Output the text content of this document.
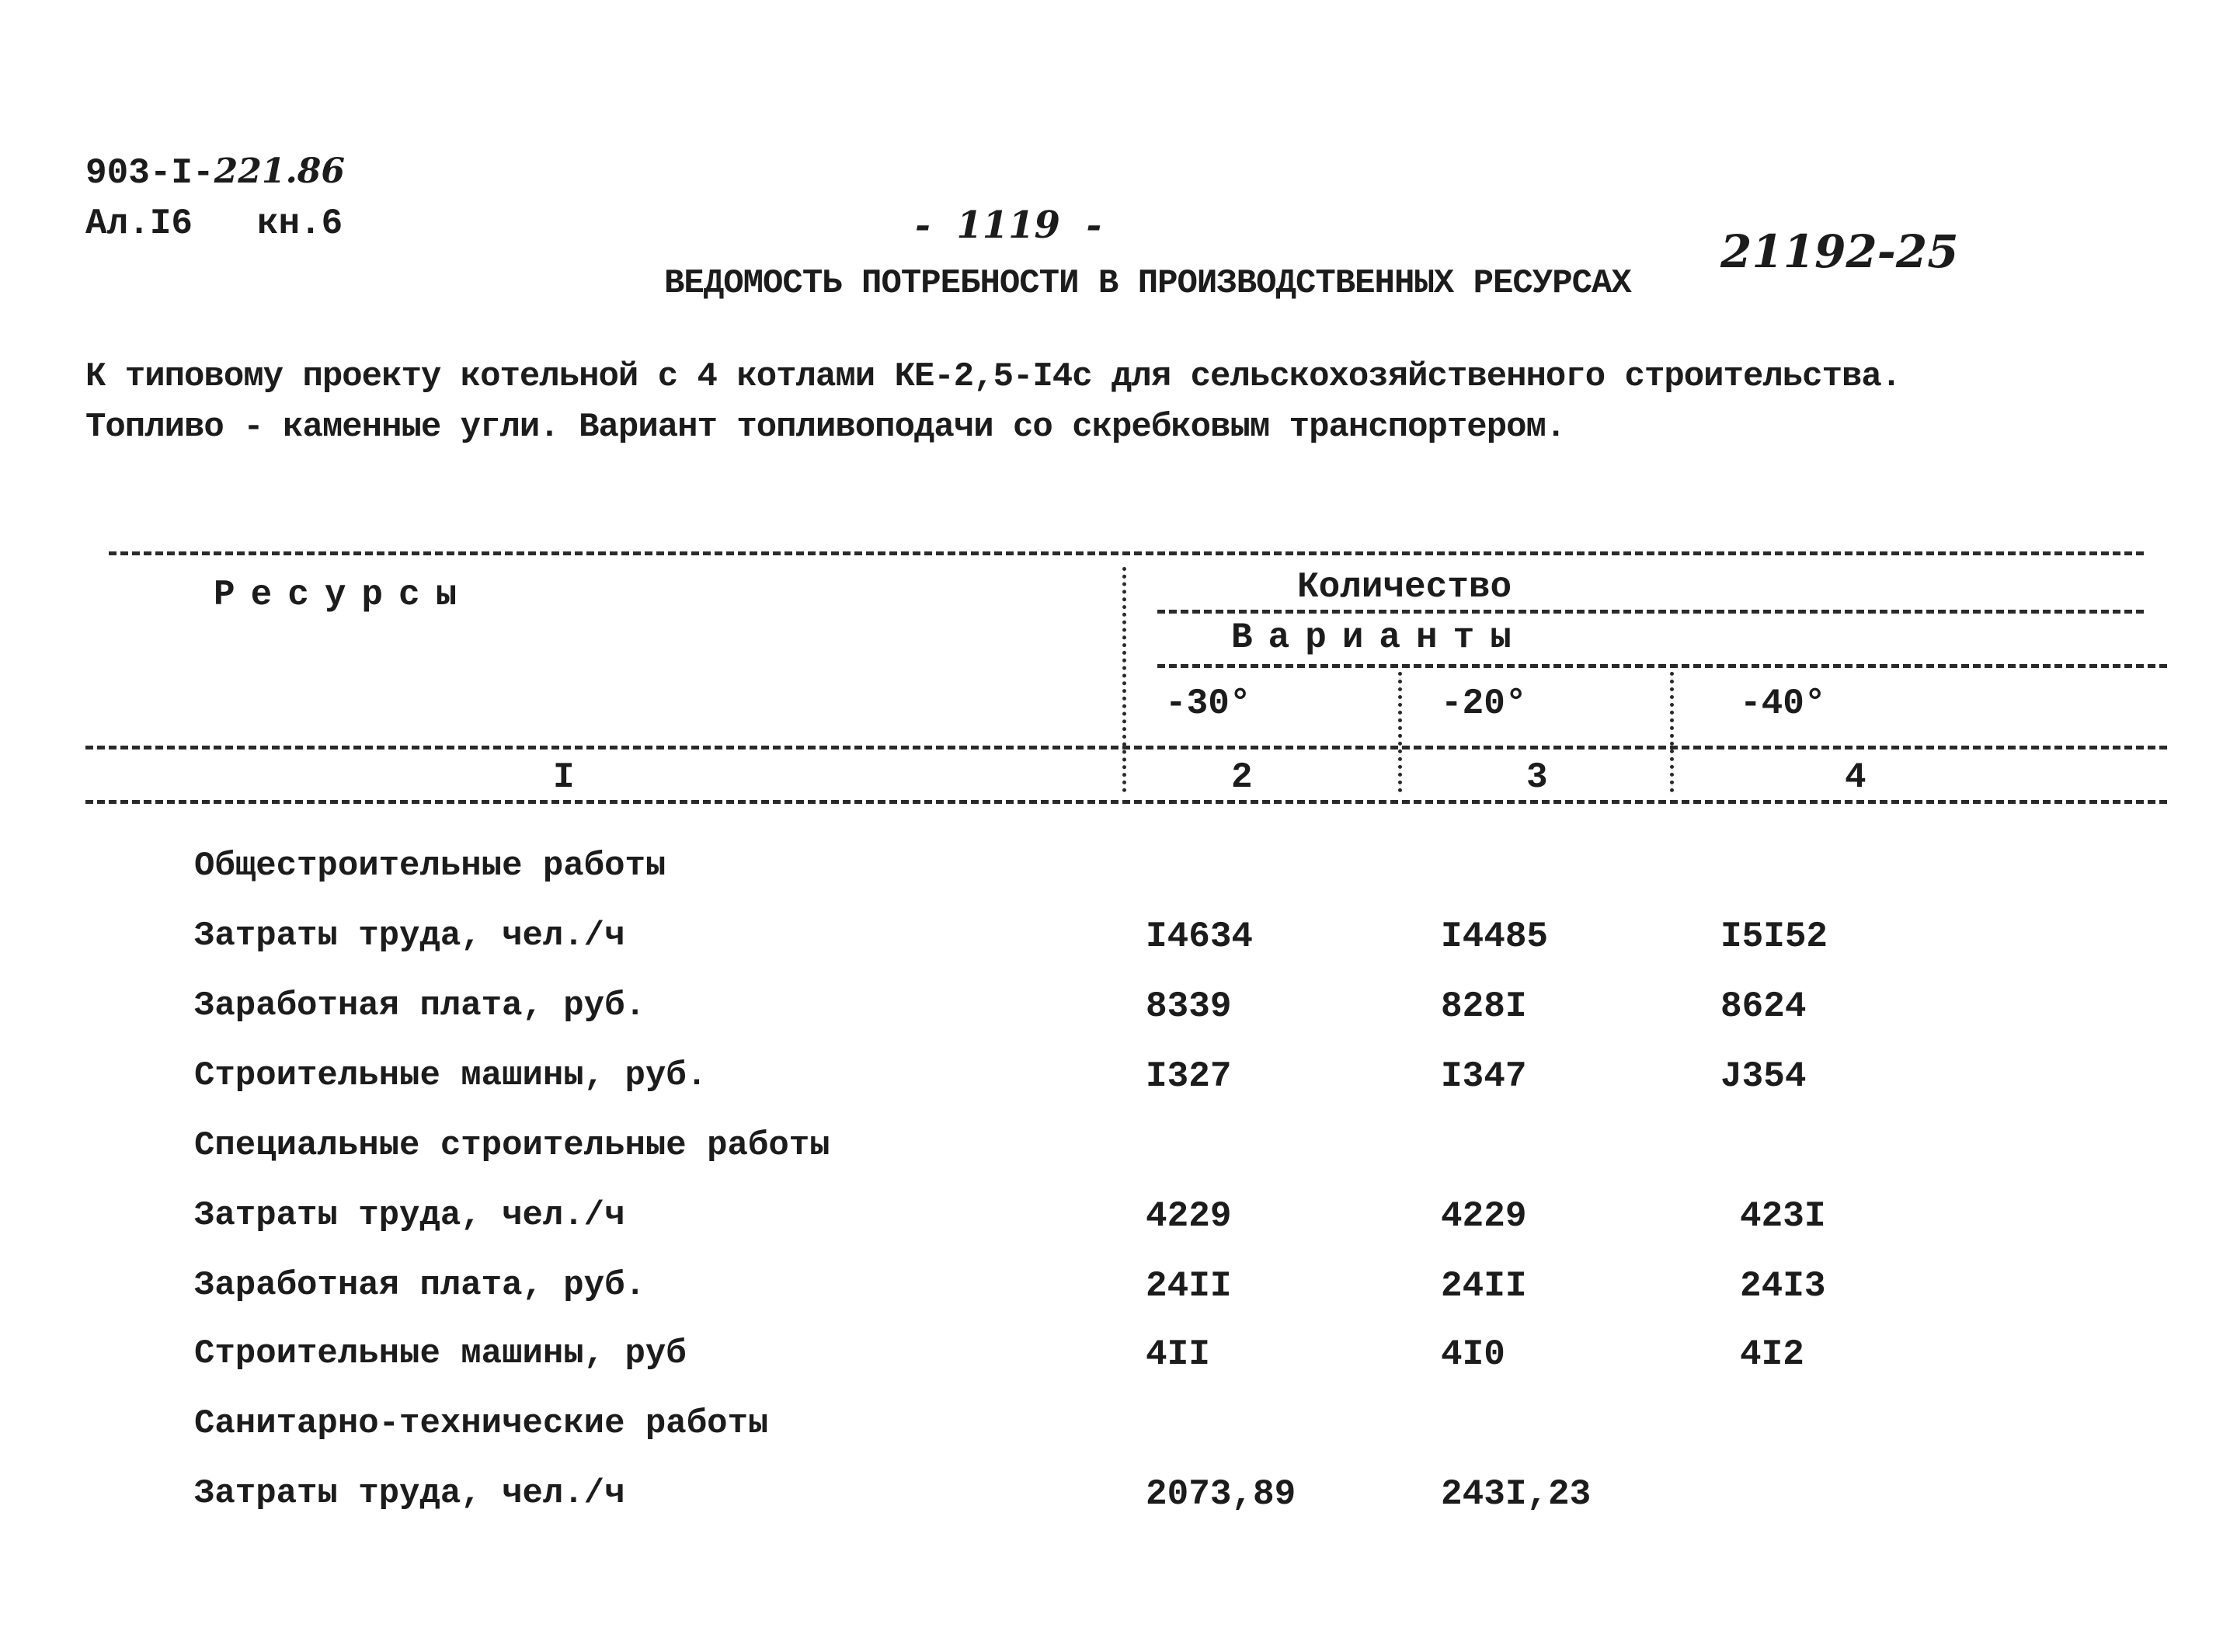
903-I-221.86
Ал.I6   кн.6	-  1119  -	21192-25
ВЕДОМОСТЬ ПОТРЕБНОСТИ В ПРОИЗВОДСТВЕННЫХ РЕСУРСАХ
К типовому проекту котельной с 4 котлами КЕ-2,5-I4с для сельскохозяйственного строительства.
Топливо - каменные угли. Вариант топливоподачи со скребковым транспортером.
Ресурсы	Количество
Варианты
-30°	-20°	-40°
I	2	3	4
Общестроительные работы
Затраты труда, чел./ч	I4634	I4485	I5I52
Заработная плата, руб.	8339	828I	8624
Строительные машины, руб.	I327	I347	J354
Специальные строительные работы
Затраты труда, чел./ч	4229	4229	423I
Заработная плата, руб.	24II	24II	24I3
Строительные машины, руб	4II	4I0	4I2
Санитарно-технические работы
Затраты труда, чел./ч	2073,89	243I,23
